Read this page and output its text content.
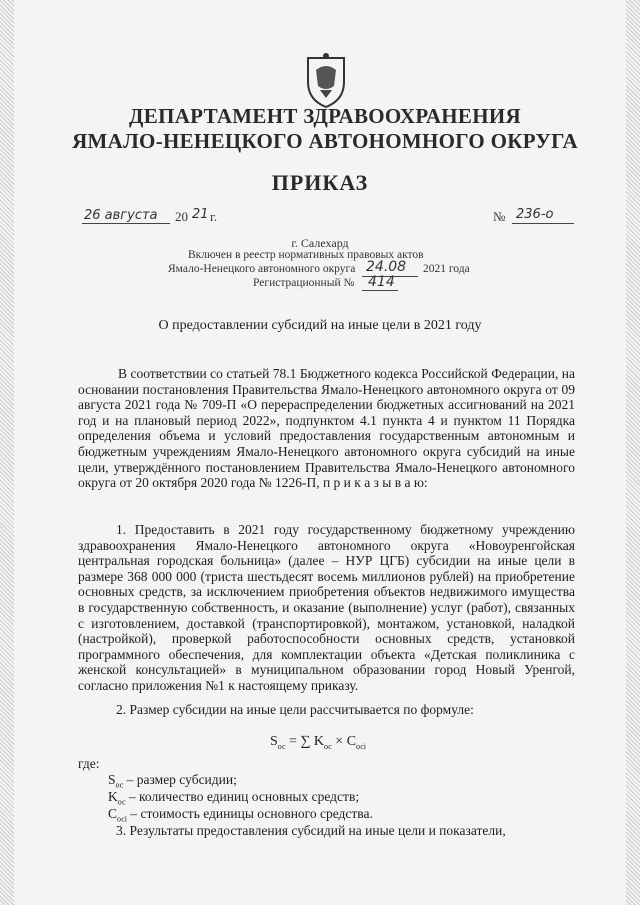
ДЕПАРТАМЕНТ ЗДРАВООХРАНЕНИЯ
ЯМАЛО-НЕНЕЦКОГО АВТОНОМНОГО ОКРУГА
ПРИКАЗ
26 августа 20 21 г.	№ 236-о
г. Салехард
Включен в реестр нормативных правовых актов
Ямало-Ненецкого автономного округа 24.08 2021 года
Регистрационный № 414
О предоставлении субсидий на иные цели в 2021 году
В соответствии со статьей 78.1 Бюджетного кодекса Российской Федерации, на основании постановления Правительства Ямало-Ненецкого автономного округа от 09 августа 2021 года № 709-П «О перераспределении бюджетных ассигнований на 2021 год и на плановый период 2022», подпунктом 4.1 пункта 4 и пунктом 11 Порядка определения объема и условий предоставления государственным автономным и бюджетным учреждениям Ямало-Ненецкого автономного округа субсидий на иные цели, утверждённого постановлением Правительства Ямало-Ненецкого автономного округа от 20 октября 2020 года № 1226-П, п р и к а з ы в а ю:
1. Предоставить в 2021 году государственному бюджетному учреждению здравоохранения Ямало-Ненецкого автономного округа «Новоуренгойская центральная городская больница» (далее – НУР ЦГБ) субсидии на иные цели в размере 368 000 000 (триста шестьдесят восемь миллионов рублей) на приобретение основных средств, за исключением приобретения объектов недвижимого имущества в государственную собственность, и оказание (выполнение) услуг (работ), связанных с изготовлением, доставкой (транспортировкой), монтажом, установкой, наладкой (настройкой), проверкой работоспособности основных средств, установкой программного обеспечения, для комплектации объекта «Детская поликлиника с женской консультацией» в муниципальном образовании город Новый Уренгой, согласно приложения №1 к настоящему приказу.
2. Размер субсидии на иные цели рассчитывается по формуле:
$S_{ос}$ = ∑ $K_{ос} \times C_{осі}$
где:
$S_{ос}$ – размер субсидии;
$K_{ос}$ – количество единиц основных средств;
$C_{осі}$ – стоимость единицы основного средства.
3. Результаты предоставления субсидий на иные цели и показатели,
